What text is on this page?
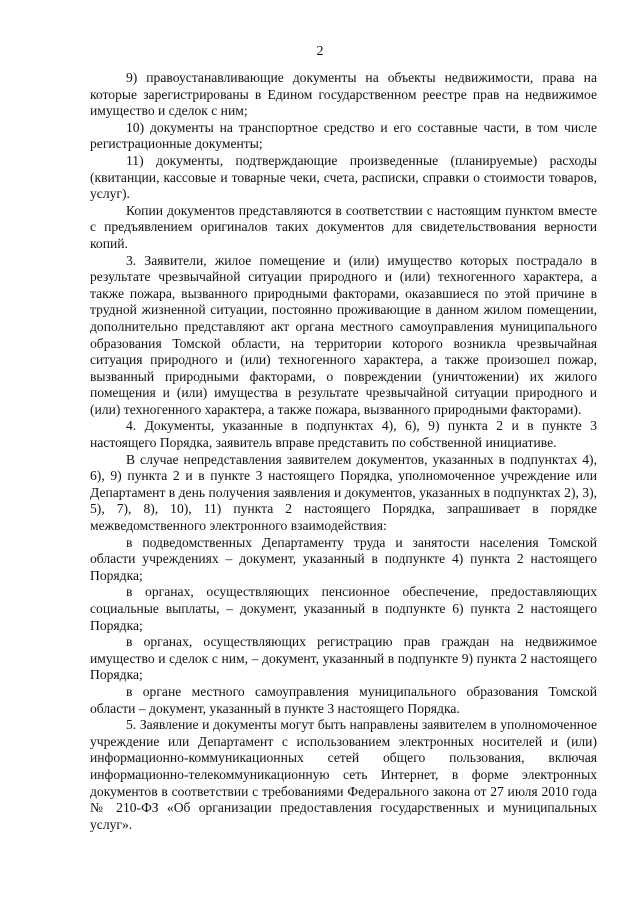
2

9) правоустанавливающие документы на объекты недвижимости, права на которые зарегистрированы в Едином государственном реестре прав на недвижимое имущество и сделок с ним;

10) документы на транспортное средство и его составные части, в том числе регистрационные документы;

11) документы, подтверждающие произведенные (планируемые) расходы (квитанции, кассовые и товарные чеки, счета, расписки, справки о стоимости товаров, услуг).

Копии документов представляются в соответствии с настоящим пунктом вместе с предъявлением оригиналов таких документов для свидетельствования верности копий.

3. Заявители, жилое помещение и (или) имущество которых пострадало в результате чрезвычайной ситуации природного и (или) техногенного характера, а также пожара, вызванного природными факторами, оказавшиеся по этой причине в трудной жизненной ситуации, постоянно проживающие в данном жилом помещении, дополнительно представляют акт органа местного самоуправления муниципального образования Томской области, на территории которого возникла чрезвычайная ситуация природного и (или) техногенного характера, а также произошел пожар, вызванный природными факторами, о повреждении (уничтожении) их жилого помещения и (или) имущества в результате чрезвычайной ситуации природного и (или) техногенного характера, а также пожара, вызванного природными факторами).

4. Документы, указанные в подпунктах 4), 6), 9) пункта 2 и в пункте 3 настоящего Порядка, заявитель вправе представить по собственной инициативе.

В случае непредставления заявителем документов, указанных в подпунктах 4), 6), 9) пункта 2 и в пункте 3 настоящего Порядка, уполномоченное учреждение или Департамент в день получения заявления и документов, указанных в подпунктах 2), 3), 5), 7), 8), 10), 11) пункта 2 настоящего Порядка, запрашивает в порядке межведомственного электронного взаимодействия:

в подведомственных Департаменту труда и занятости населения Томской области учреждениях – документ, указанный в подпункте 4) пункта 2 настоящего Порядка;

в органах, осуществляющих пенсионное обеспечение, предоставляющих социальные выплаты, – документ, указанный в подпункте 6) пункта 2 настоящего Порядка;

в органах, осуществляющих регистрацию прав граждан на недвижимое имущество и сделок с ним, – документ, указанный в подпункте 9) пункта 2 настоящего Порядка;

в органе местного самоуправления муниципального образования Томской области – документ, указанный в пункте 3 настоящего Порядка.

5. Заявление и документы могут быть направлены заявителем в уполномоченное учреждение или Департамент с использованием электронных носителей и (или) информационно-коммуникационных сетей общего пользования, включая информационно-телекоммуникационную сеть Интернет, в форме электронных документов в соответствии с требованиями Федерального закона от 27 июля 2010 года № 210-ФЗ «Об организации предоставления государственных и муниципальных услуг».
